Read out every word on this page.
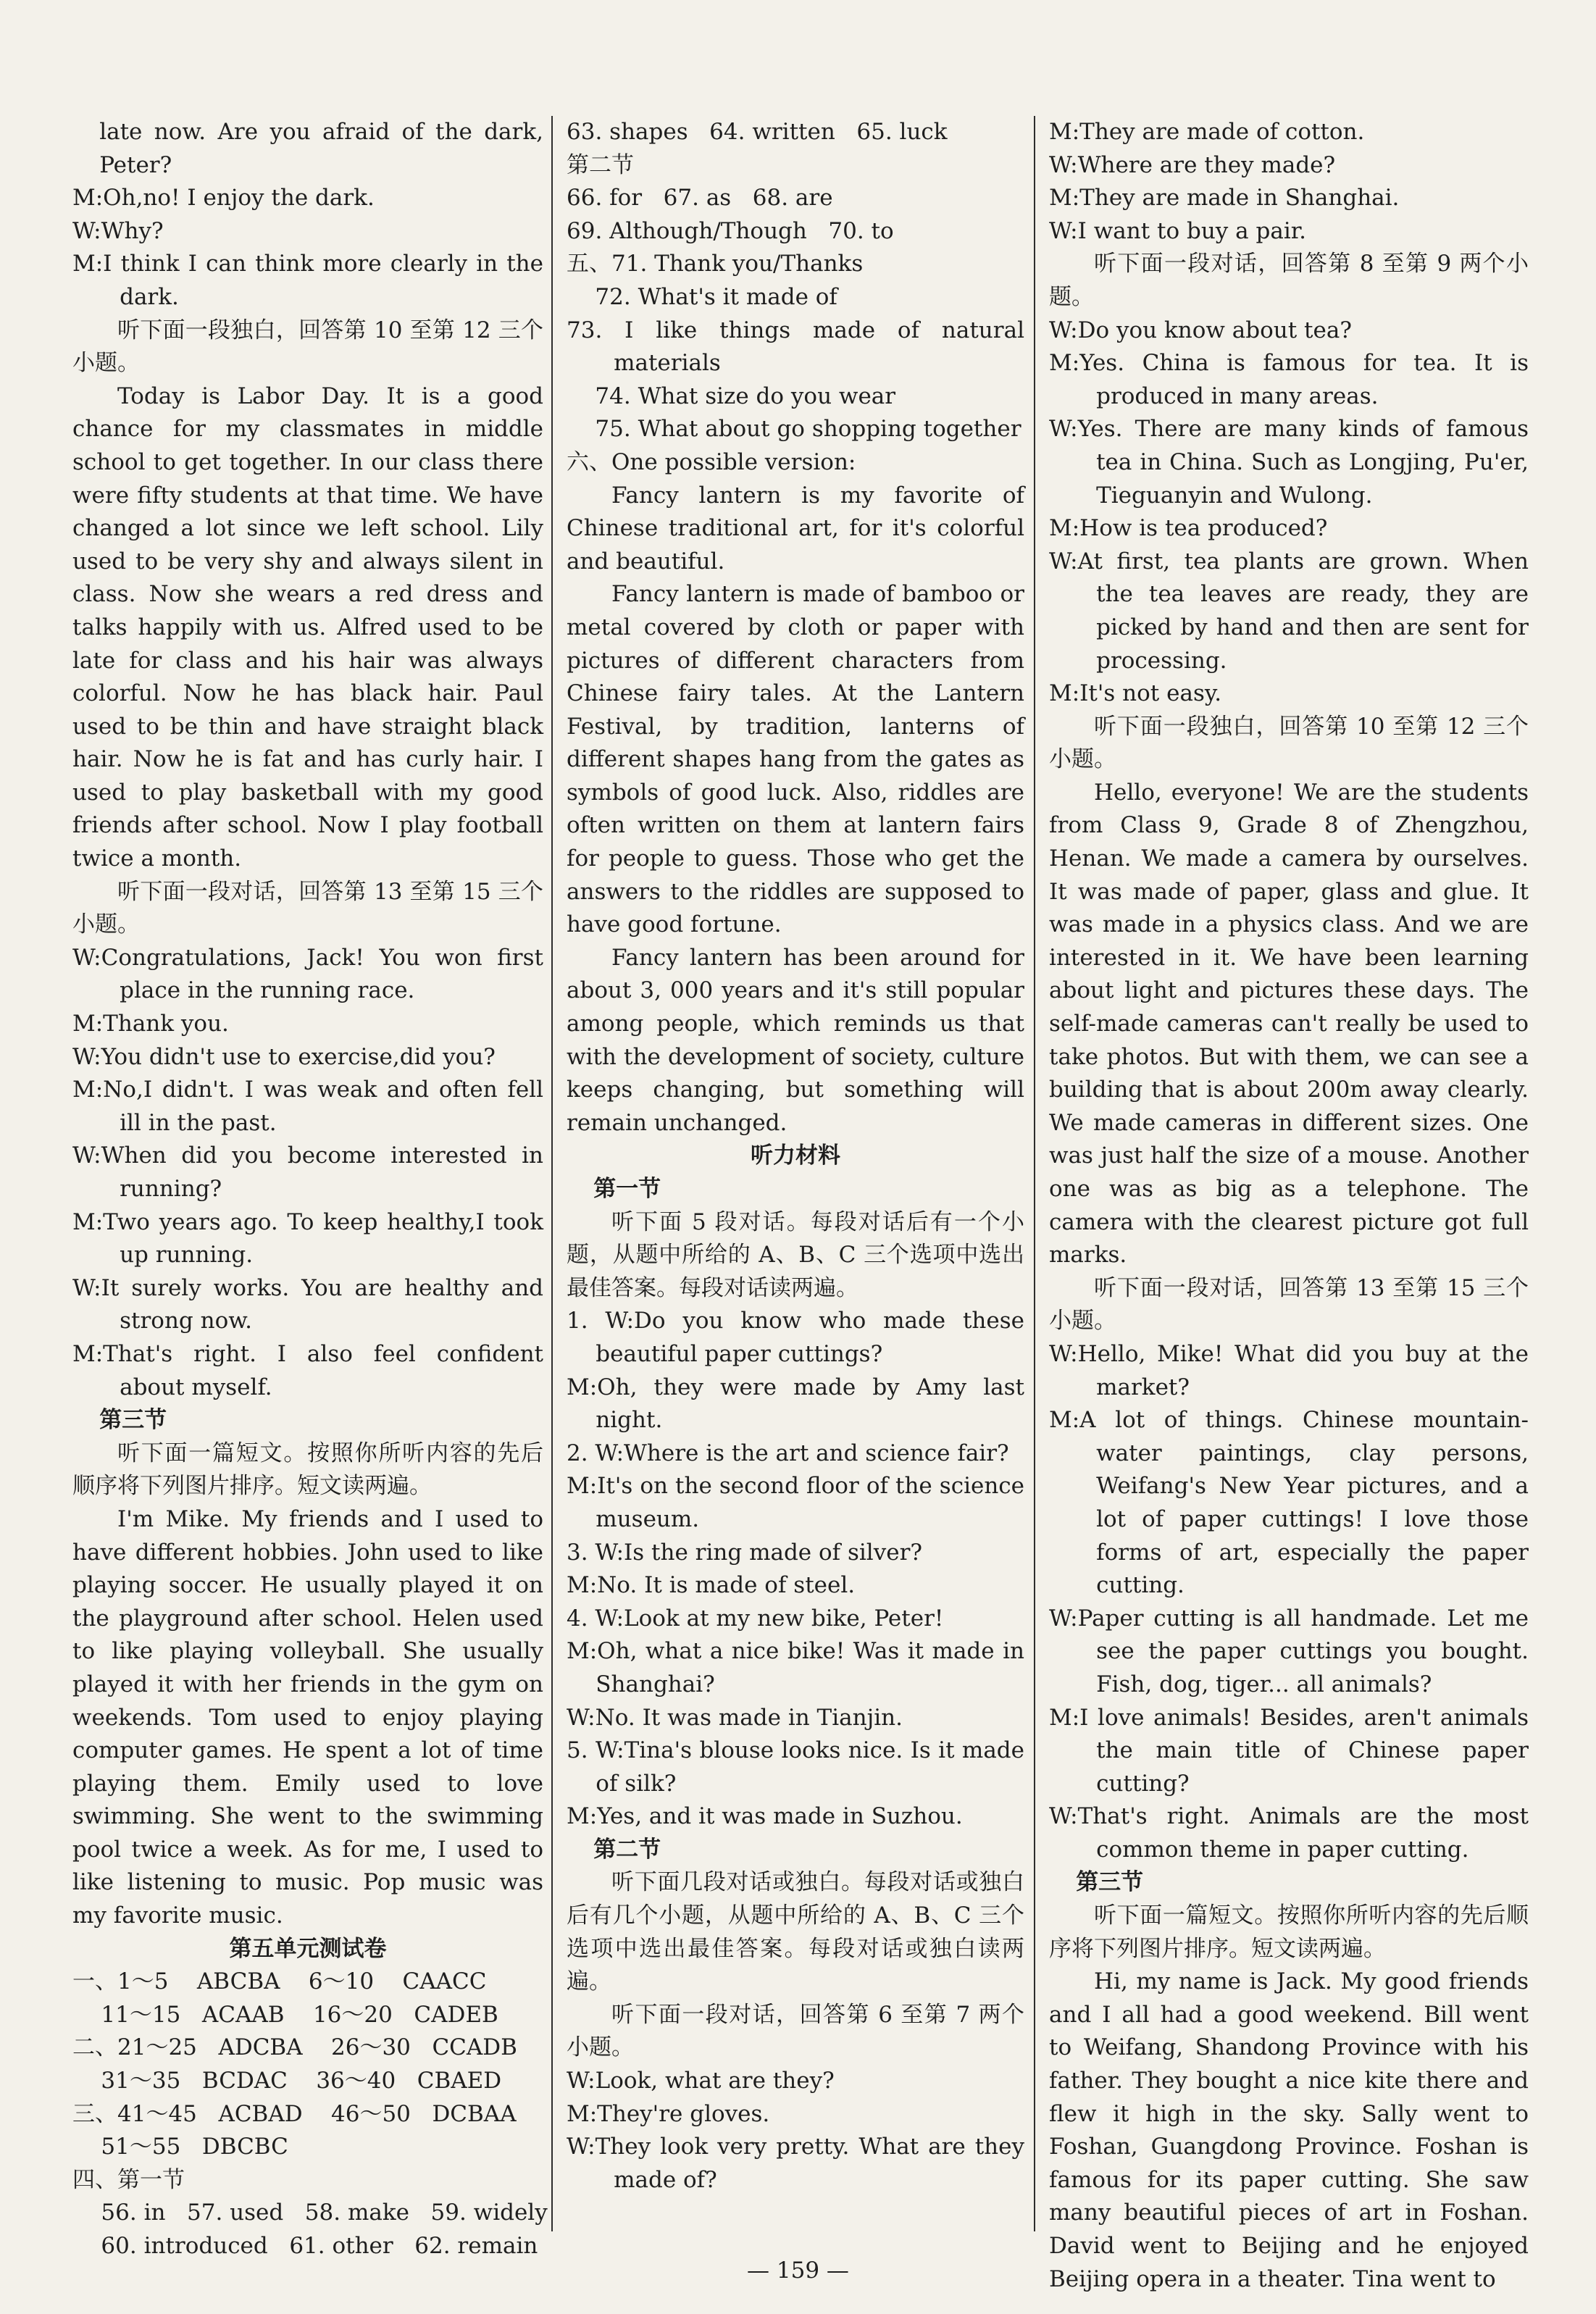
late now. Are you afraid of the dark, Peter?

M:Oh,no! I enjoy the dark.

W:Why?

M:I think I can think more clearly in the dark.

听下面一段独白，回答第 10 至第 12 三个小题。

Today is Labor Day. It is a good chance for my classmates in middle school to get together. In our class there were fifty students at that time. We have changed a lot since we left school. Lily used to be very shy and always silent in class. Now she wears a red dress and talks happily with us. Alfred used to be late for class and his hair was always colorful. Now he has black hair. Paul used to be thin and have straight black hair. Now he is fat and has curly hair. I used to play basketball with my good friends after school. Now I play football twice a month.

听下面一段对话，回答第 13 至第 15 三个小题。

W:Congratulations, Jack! You won first place in the running race.

M:Thank you.

W:You didn't use to exercise,did you?

M:No,I didn't. I was weak and often fell ill in the past.

W:When did you become interested in running?

M:Two years ago. To keep healthy,I took up running.

W:It surely works. You are healthy and strong now.

M:That's right. I also feel confident about myself.

第三节

听下面一篇短文。按照你所听内容的先后顺序将下列图片排序。短文读两遍。

I'm Mike. My friends and I used to have different hobbies. John used to like playing soccer. He usually played it on the playground after school. Helen used to like playing volleyball. She usually played it with her friends in the gym on weekends. Tom used to enjoy playing computer games. He spent a lot of time playing them. Emily used to love swimming. She went to the swimming pool twice a week. As for me, I used to like listening to music. Pop music was my favorite music.

第五单元测试卷

一、1～5    ABCBA    6～10    CAACC

11～15   ACAAB    16～20   CADEB

二、21～25   ADCBA    26～30   CCADB

31～35   BCDAC    36～40   CBAED

三、41～45   ACBAD    46～50   DCBAA

51～55   DBCBC

四、第一节

56. in   57. used   58. make   59. widely

60. introduced   61. other   62. remain

63. shapes   64. written   65. luck

第二节

66. for   67. as   68. are

69. Although/Though   70. to

五、71. Thank you/Thanks

72. What's it made of

73. I like things made of natural materials

74. What size do you wear

75. What about go shopping together

六、One possible version:

Fancy lantern is my favorite of Chinese traditional art, for it's colorful and beautiful.

Fancy lantern is made of bamboo or metal covered by cloth or paper with pictures of different characters from Chinese fairy tales. At the Lantern Festival, by tradition, lanterns of different shapes hang from the gates as symbols of good luck. Also, riddles are often written on them at lantern fairs for people to guess. Those who get the answers to the riddles are supposed to have good fortune.

Fancy lantern has been around for about 3, 000 years and it's still popular among people, which reminds us that with the development of society, culture keeps changing, but something will remain unchanged.

听力材料

第一节

听下面 5 段对话。每段对话后有一个小题，从题中所给的 A、B、C 三个选项中选出最佳答案。每段对话读两遍。

1. W:Do you know who made these beautiful paper cuttings?

M:Oh, they were made by Amy last night.

2. W:Where is the art and science fair?

M:It's on the second floor of the science museum.

3. W:Is the ring made of silver?

M:No. It is made of steel.

4. W:Look at my new bike, Peter!

M:Oh, what a nice bike! Was it made in Shanghai?

W:No. It was made in Tianjin.

5. W:Tina's blouse looks nice. Is it made of silk?

M:Yes, and it was made in Suzhou.

第二节

听下面几段对话或独白。每段对话或独白后有几个小题，从题中所给的 A、B、C 三个选项中选出最佳答案。每段对话或独白读两遍。

听下面一段对话，回答第 6 至第 7 两个小题。

W:Look, what are they?

M:They're gloves.

W:They look very pretty. What are they made of?

M:They are made of cotton.

W:Where are they made?

M:They are made in Shanghai.

W:I want to buy a pair.

听下面一段对话，回答第 8 至第 9 两个小题。

W:Do you know about tea?

M:Yes. China is famous for tea. It is produced in many areas.

W:Yes. There are many kinds of famous tea in China. Such as Longjing, Pu'er, Tieguanyin and Wulong.

M:How is tea produced?

W:At first, tea plants are grown. When the tea leaves are ready, they are picked by hand and then are sent for processing.

M:It's not easy.

听下面一段独白，回答第 10 至第 12 三个小题。

Hello, everyone! We are the students from Class 9, Grade 8 of Zhengzhou, Henan. We made a camera by ourselves. It was made of paper, glass and glue. It was made in a physics class. And we are interested in it. We have been learning about light and pictures these days. The self-made cameras can't really be used to take photos. But with them, we can see a building that is about 200m away clearly. We made cameras in different sizes. One was just half the size of a mouse. Another one was as big as a telephone. The camera with the clearest picture got full marks.

听下面一段对话，回答第 13 至第 15 三个小题。

W:Hello, Mike! What did you buy at the market?

M:A lot of things. Chinese mountain-water paintings, clay persons, Weifang's New Year pictures, and a lot of paper cuttings! I love those forms of art, especially the paper cutting.

W:Paper cutting is all handmade. Let me see the paper cuttings you bought. Fish, dog, tiger... all animals?

M:I love animals! Besides, aren't animals the main title of Chinese paper cutting?

W:That's right. Animals are the most common theme in paper cutting.

第三节

听下面一篇短文。按照你所听内容的先后顺序将下列图片排序。短文读两遍。

Hi, my name is Jack. My good friends and I all had a good weekend. Bill went to Weifang, Shandong Province with his father. They bought a nice kite there and flew it high in the sky. Sally went to Foshan, Guangdong Province. Foshan is famous for its paper cutting. She saw many beautiful pieces of art in Foshan. David went to Beijing and he enjoyed Beijing opera in a theater. Tina went to

— 159 —
